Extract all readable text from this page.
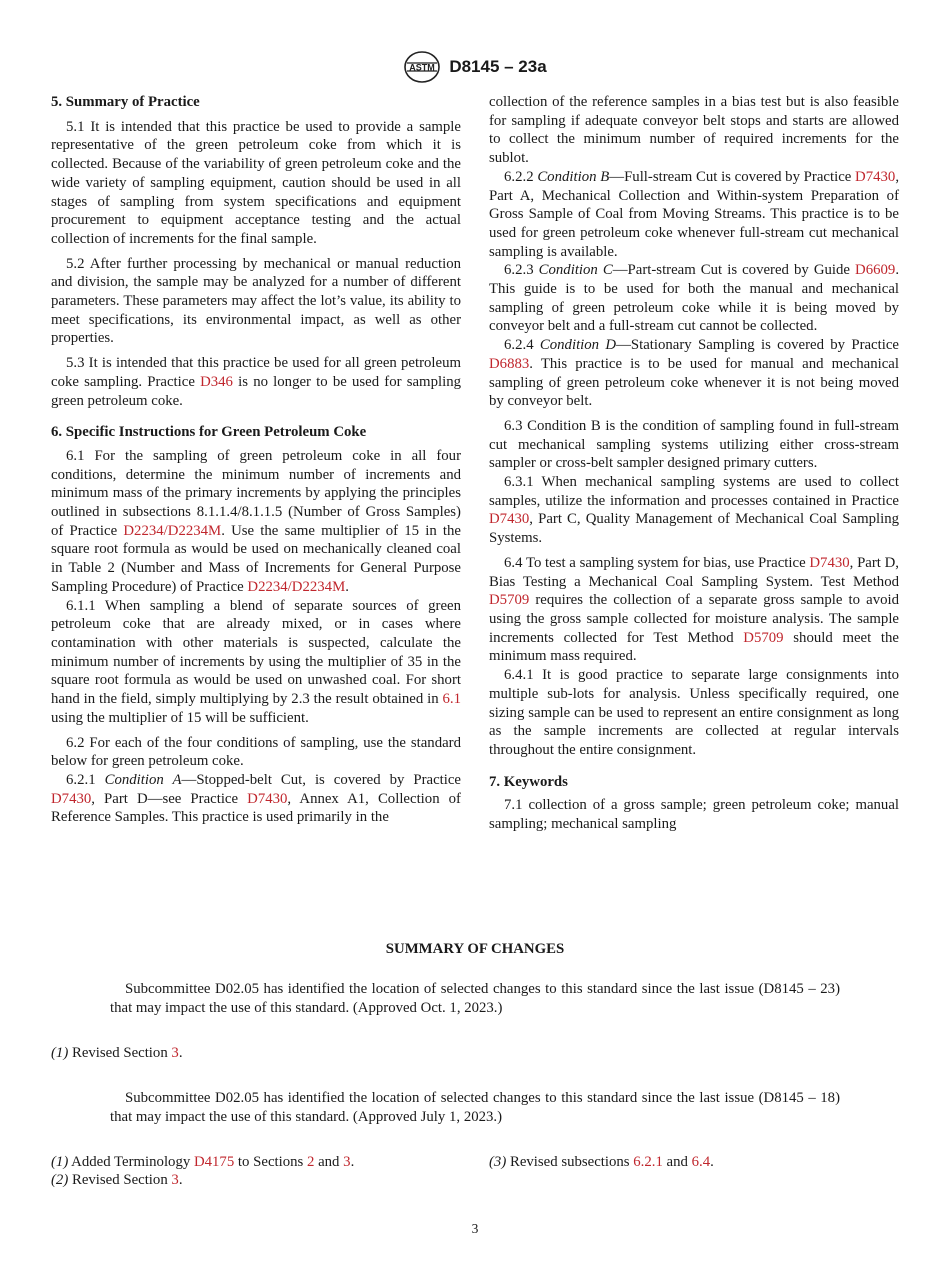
ASTM D8145 – 23a
5. Summary of Practice

5.1 It is intended that this practice be used to provide a sample representative of the green petroleum coke from which it is collected. Because of the variability of green petroleum coke and the wide variety of sampling equipment, caution should be used in all stages of sampling from system specifications and equipment procurement to equipment acceptance testing and the actual collection of increments for the final sample.

5.2 After further processing by mechanical or manual reduction and division, the sample may be analyzed for a number of different parameters. These parameters may affect the lot’s value, its ability to meet specifications, its environmental impact, as well as other properties.

5.3 It is intended that this practice be used for all green petroleum coke sampling. Practice D346 is no longer to be used for sampling green petroleum coke.

6. Specific Instructions for Green Petroleum Coke

6.1 For the sampling of green petroleum coke in all four conditions, determine the minimum number of increments and minimum mass of the primary increments by applying the principles outlined in subsections 8.1.1.4/8.1.1.5 (Number of Gross Samples) of Practice D2234/D2234M. Use the same multiplier of 15 in the square root formula as would be used on mechanically cleaned coal in Table 2 (Number and Mass of Increments for General Purpose Sampling Procedure) of Practice D2234/D2234M.

6.1.1 When sampling a blend of separate sources of green petroleum coke that are already mixed, or in cases where contamination with other materials is suspected, calculate the minimum number of increments by using the multiplier of 35 in the square root formula as would be used on unwashed coal. For short hand in the field, simply multiplying by 2.3 the result obtained in 6.1 using the multiplier of 15 will be sufficient.

6.2 For each of the four conditions of sampling, use the standard below for green petroleum coke.

6.2.1 Condition A—Stopped-belt Cut, is covered by Practice D7430, Part D—see Practice D7430, Annex A1, Collection of Reference Samples. This practice is used primarily in the

collection of the reference samples in a bias test but is also feasible for sampling if adequate conveyor belt stops and starts are allowed to collect the minimum number of required increments for the sublot.

6.2.2 Condition B—Full-stream Cut is covered by Practice D7430, Part A, Mechanical Collection and Within-system Preparation of Gross Sample of Coal from Moving Streams. This practice is to be used for green petroleum coke whenever full-stream cut mechanical sampling is available.

6.2.3 Condition C—Part-stream Cut is covered by Guide D6609. This guide is to be used for both the manual and mechanical sampling of green petroleum coke while it is being moved by conveyor belt and a full-stream cut cannot be collected.

6.2.4 Condition D—Stationary Sampling is covered by Practice D6883. This practice is to be used for manual and mechanical sampling of green petroleum coke whenever it is not being moved by conveyor belt.

6.3 Condition B is the condition of sampling found in full-stream cut mechanical sampling systems utilizing either cross-stream sampler or cross-belt sampler designed primary cutters.

6.3.1 When mechanical sampling systems are used to collect samples, utilize the information and processes contained in Practice D7430, Part C, Quality Management of Mechanical Coal Sampling Systems.

6.4 To test a sampling system for bias, use Practice D7430, Part D, Bias Testing a Mechanical Coal Sampling System. Test Method D5709 requires the collection of a separate gross sample to avoid using the gross sample collected for moisture analysis. The sample increments collected for Test Method D5709 should meet the minimum mass required.

6.4.1 It is good practice to separate large consignments into multiple sub-lots for analysis. Unless specifically required, one sizing sample can be used to represent an entire consignment as long as the sample increments are collected at regular intervals throughout the entire consignment.

7. Keywords

7.1 collection of a gross sample; green petroleum coke; manual sampling; mechanical sampling

SUMMARY OF CHANGES
Subcommittee D02.05 has identified the location of selected changes to this standard since the last issue (D8145 – 23) that may impact the use of this standard. (Approved Oct. 1, 2023.)
(1) Revised Section 3.
Subcommittee D02.05 has identified the location of selected changes to this standard since the last issue (D8145 – 18) that may impact the use of this standard. (Approved July 1, 2023.)
(1) Added Terminology D4175 to Sections 2 and 3.
(2) Revised Section 3.
(3) Revised subsections 6.2.1 and 6.4.
3
